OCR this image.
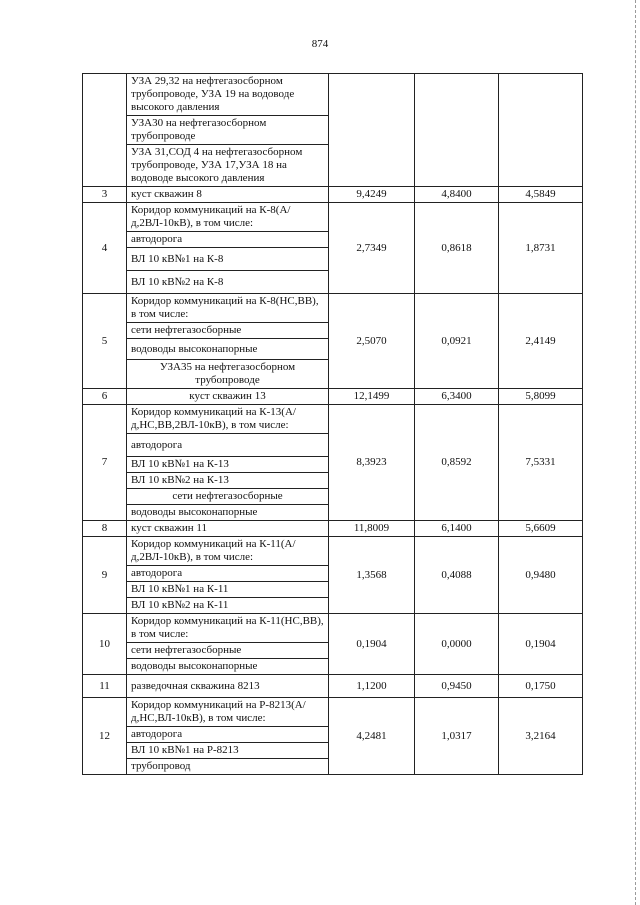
874
	УЗА 29,32 на нефтегазосборном трубопроводе, УЗА 19 на водоводе высокого давления			
	УЗА30 на нефтегазосборном трубопроводе			
	УЗА 31,СОД 4 на нефтегазосборном трубопроводе, УЗА 17,УЗА 18 на водоводе высокого давления			
3	куст скважин 8	9,4249	4,8400	4,5849
4	Коридор коммуникаций на К-8(А/д,2ВЛ-10кВ), в том числе:	2,7349	0,8618	1,8731
	автодорога			
	ВЛ 10 кВ№1 на К-8			
	ВЛ 10 кВ№2 на К-8			
5	Коридор коммуникаций на К-8(НС,ВВ), в том числе:	2,5070	0,0921	2,4149
	сети нефтегазосборные			
	водоводы высоконапорные			
	УЗА35 на нефтегазосборном трубопроводе			
6	куст скважин 13	12,1499	6,3400	5,8099
7	Коридор коммуникаций на К-13(А/д,НС,ВВ,2ВЛ-10кВ), в том числе:	8,3923	0,8592	7,5331
	автодорога			
	ВЛ 10 кВ№1 на К-13			
	ВЛ 10 кВ№2 на К-13			
	сети нефтегазосборные			
	водоводы высоконапорные			
8	куст скважин 11	11,8009	6,1400	5,6609
9	Коридор коммуникаций на К-11(А/д,2ВЛ-10кВ), в том числе:	1,3568	0,4088	0,9480
	автодорога			
	ВЛ 10 кВ№1 на К-11			
	ВЛ 10 кВ№2 на К-11			
10	Коридор коммуникаций на К-11(НС,ВВ), в том числе:	0,1904	0,0000	0,1904
	сети нефтегазосборные			
	водоводы высоконапорные			
11	разведочная скважина 8213	1,1200	0,9450	0,1750
12	Коридор коммуникаций на Р-8213(А/д,НС,ВЛ-10кВ), в том числе:	4,2481	1,0317	3,2164
	автодорога			
	ВЛ 10 кВ№1 на Р-8213			
	трубопровод			
